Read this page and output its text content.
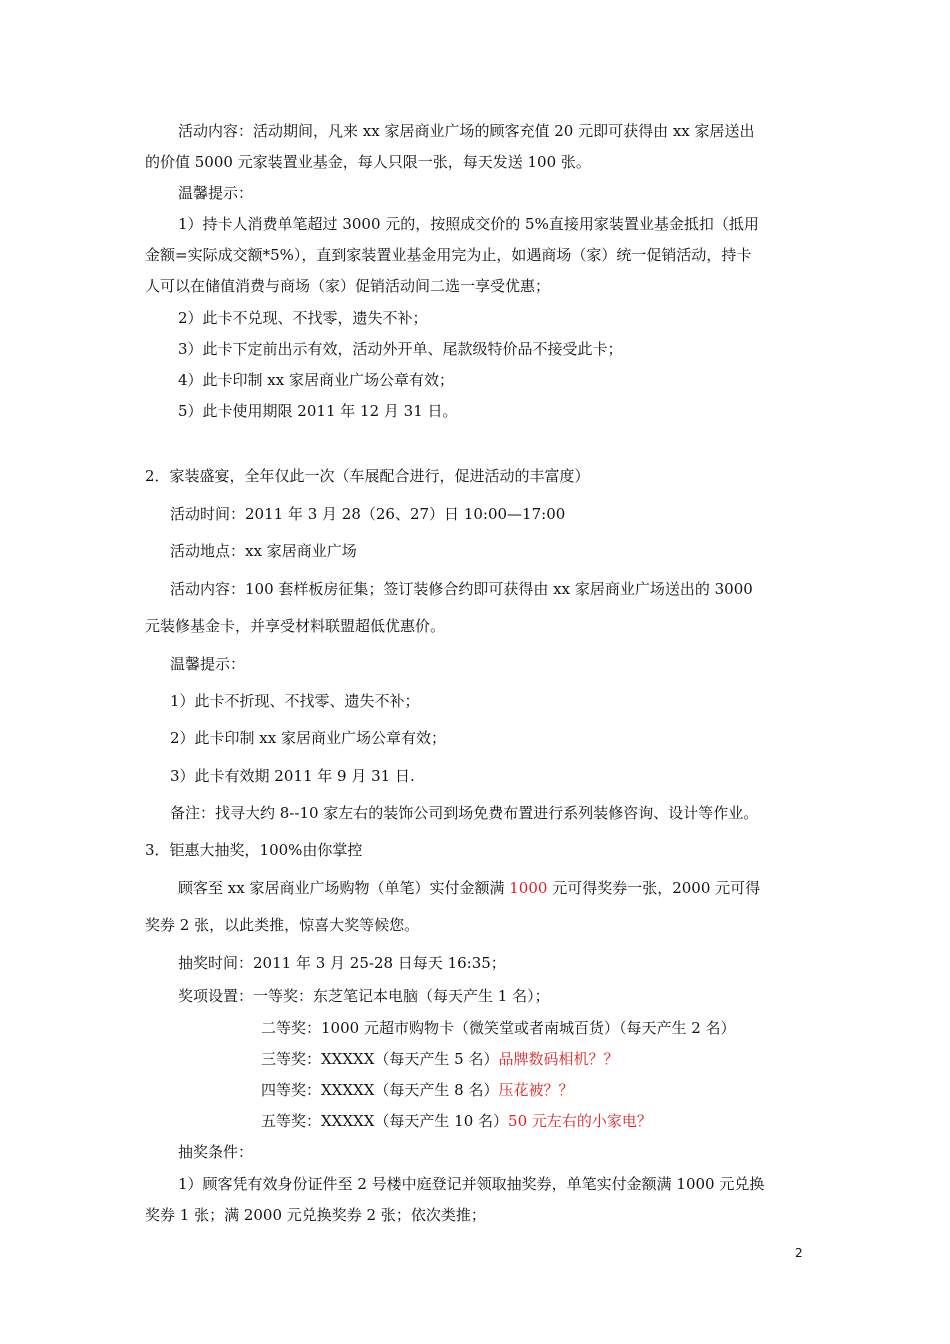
活动内容：活动期间，凡来 xx 家居商业广场的顾客充值 20 元即可获得由 xx 家居送出
的价值 5000 元家装置业基金，每人只限一张，每天发送 100 张。
温馨提示：
1）持卡人消费单笔超过 3000 元的，按照成交价的 5%直接用家装置业基金抵扣（抵用
金额=实际成交额*5%），直到家装置业基金用完为止，如遇商场（家）统一促销活动，持卡
人可以在储值消费与商场（家）促销活动间二选一享受优惠；
2）此卡不兑现、不找零，遗失不补；
3）此卡下定前出示有效，活动外开单、尾款级特价品不接受此卡；
4）此卡印制 xx 家居商业广场公章有效；
5）此卡使用期限 2011 年 12 月 31 日。
2．家装盛宴，全年仅此一次（车展配合进行，促进活动的丰富度）
活动时间：2011 年 3 月 28（26、27）日 10:00—17:00
活动地点：xx 家居商业广场
活动内容：100 套样板房征集；签订装修合约即可获得由 xx 家居商业广场送出的 3000
元装修基金卡，并享受材料联盟超低优惠价。
温馨提示：
1）此卡不折现、不找零、遗失不补；
2）此卡印制 xx 家居商业广场公章有效；
3）此卡有效期 2011 年 9 月 31 日.
备注：找寻大约 8--10 家左右的装饰公司到场免费布置进行系列装修咨询、设计等作业。
3．钜惠大抽奖，100%由你掌控
顾客至 xx 家居商业广场购物（单笔）实付金额满 1000 元可得奖券一张，2000 元可得
奖券 2 张，以此类推，惊喜大奖等候您。
抽奖时间：2011 年 3 月 25-28 日每天 16:35；
奖项设置：一等奖：东芝笔记本电脑（每天产生 1 名）；
二等奖：1000 元超市购物卡（微笑堂或者南城百货）（每天产生 2 名）
三等奖：XXXXX（每天产生 5 名）品牌数码相机？？
四等奖：XXXXX（每天产生 8 名）压花被？？
五等奖：XXXXX（每天产生 10 名）50 元左右的小家电？
抽奖条件：
1）顾客凭有效身份证件至 2 号楼中庭登记并领取抽奖券，单笔实付金额满 1000 元兑换
奖券 1 张；满 2000 元兑换奖券 2 张；依次类推；
2
